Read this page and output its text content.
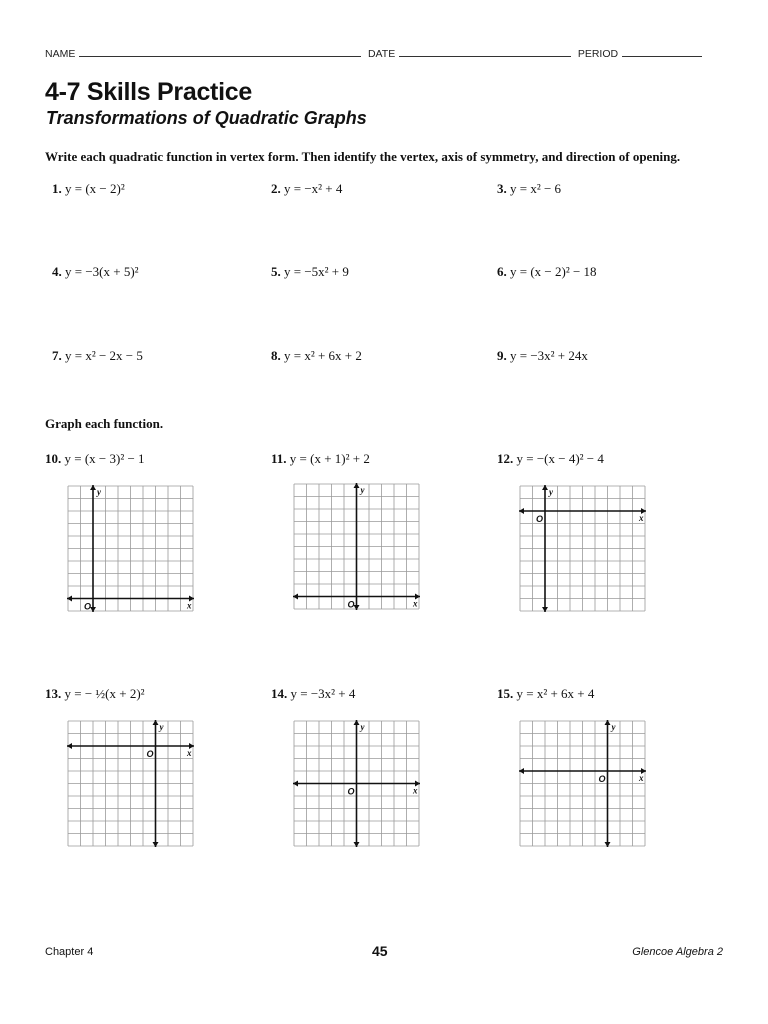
NAME	DATE	PERIOD
4-7 Skills Practice
Transformations of Quadratic Graphs
Write each quadratic function in vertex form. Then identify the vertex, axis of symmetry, and direction of opening.
1. y = (x − 2)²	2. y = −x² + 4	3. y = x² − 6
4. y = −3(x + 5)²	5. y = −5x² + 9	6. y = (x − 2)² − 18
7. y = x² − 2x − 5	8. y = x² + 6x + 2	9. y = −3x² + 24x
Graph each function.
10. y = (x − 3)² − 1	11. y = (x + 1)² + 2	12. y = −(x − 4)² − 4
13. y = − ½(x + 2)²	14. y = −3x² + 4	15. y = x² + 6x + 4
x
y
O	x
y
O
x
y
O
x
y
O
x
y
O
x
y
O
Chapter 4	45	Glencoe Algebra 2
